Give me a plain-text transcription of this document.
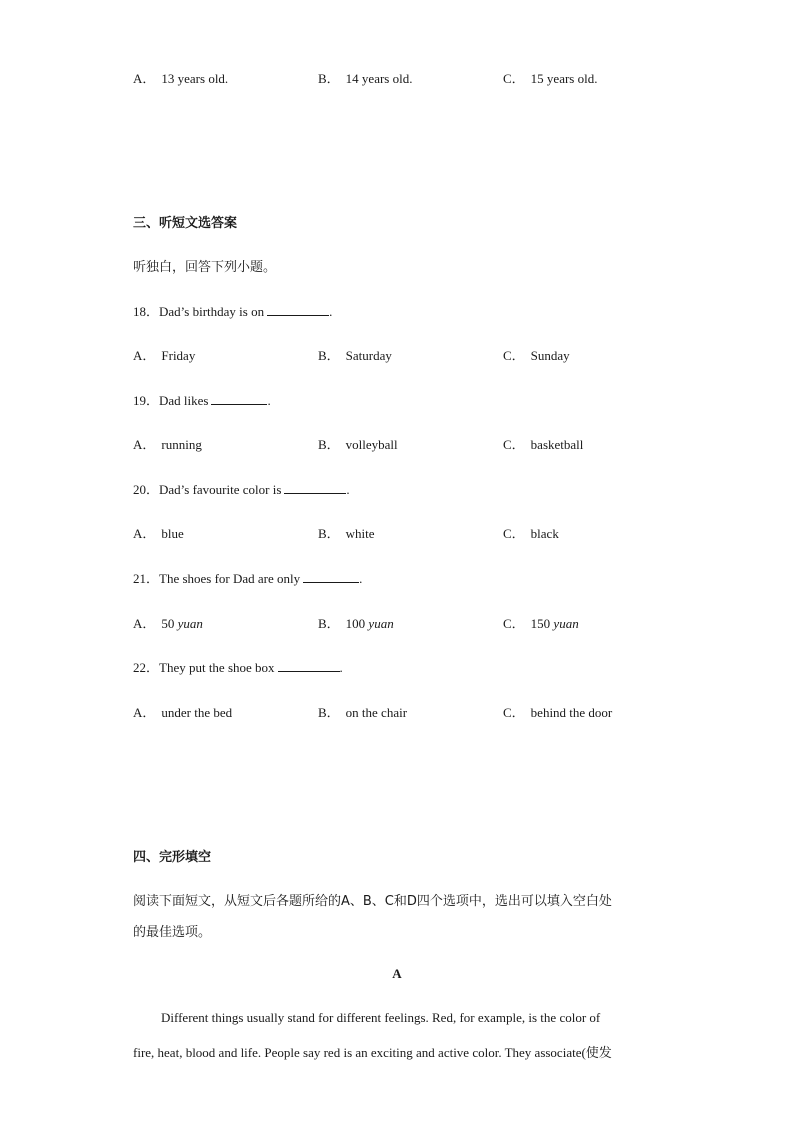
A． 13 years old.	B． 14 years old.	C． 15 years old.
三、听短文选答案
听独白，回答下列小题。
18．Dad’s birthday is on	.
A． Friday	B． Saturday	C． Sunday
19．Dad likes	.
A． running	B． volleyball	C． basketball
20．Dad’s favourite color is	.
A． blue	B． white	C． black
21．The shoes for Dad are only	.
A． 50 yuan	B． 100 yuan	C． 150 yuan
22．They put the shoe box	.
A． under the bed	B． on the chair	C． behind the door
四、完形填空
阅读下面短文，从短文后各题所给的A、B、C和D四个选项中，选出可以填入空白处
的最佳选项。
A
Different things usually stand for different feelings. Red, for example, is the color of
fire, heat, blood and life. People say red is an exciting and active color. They associate(使发
